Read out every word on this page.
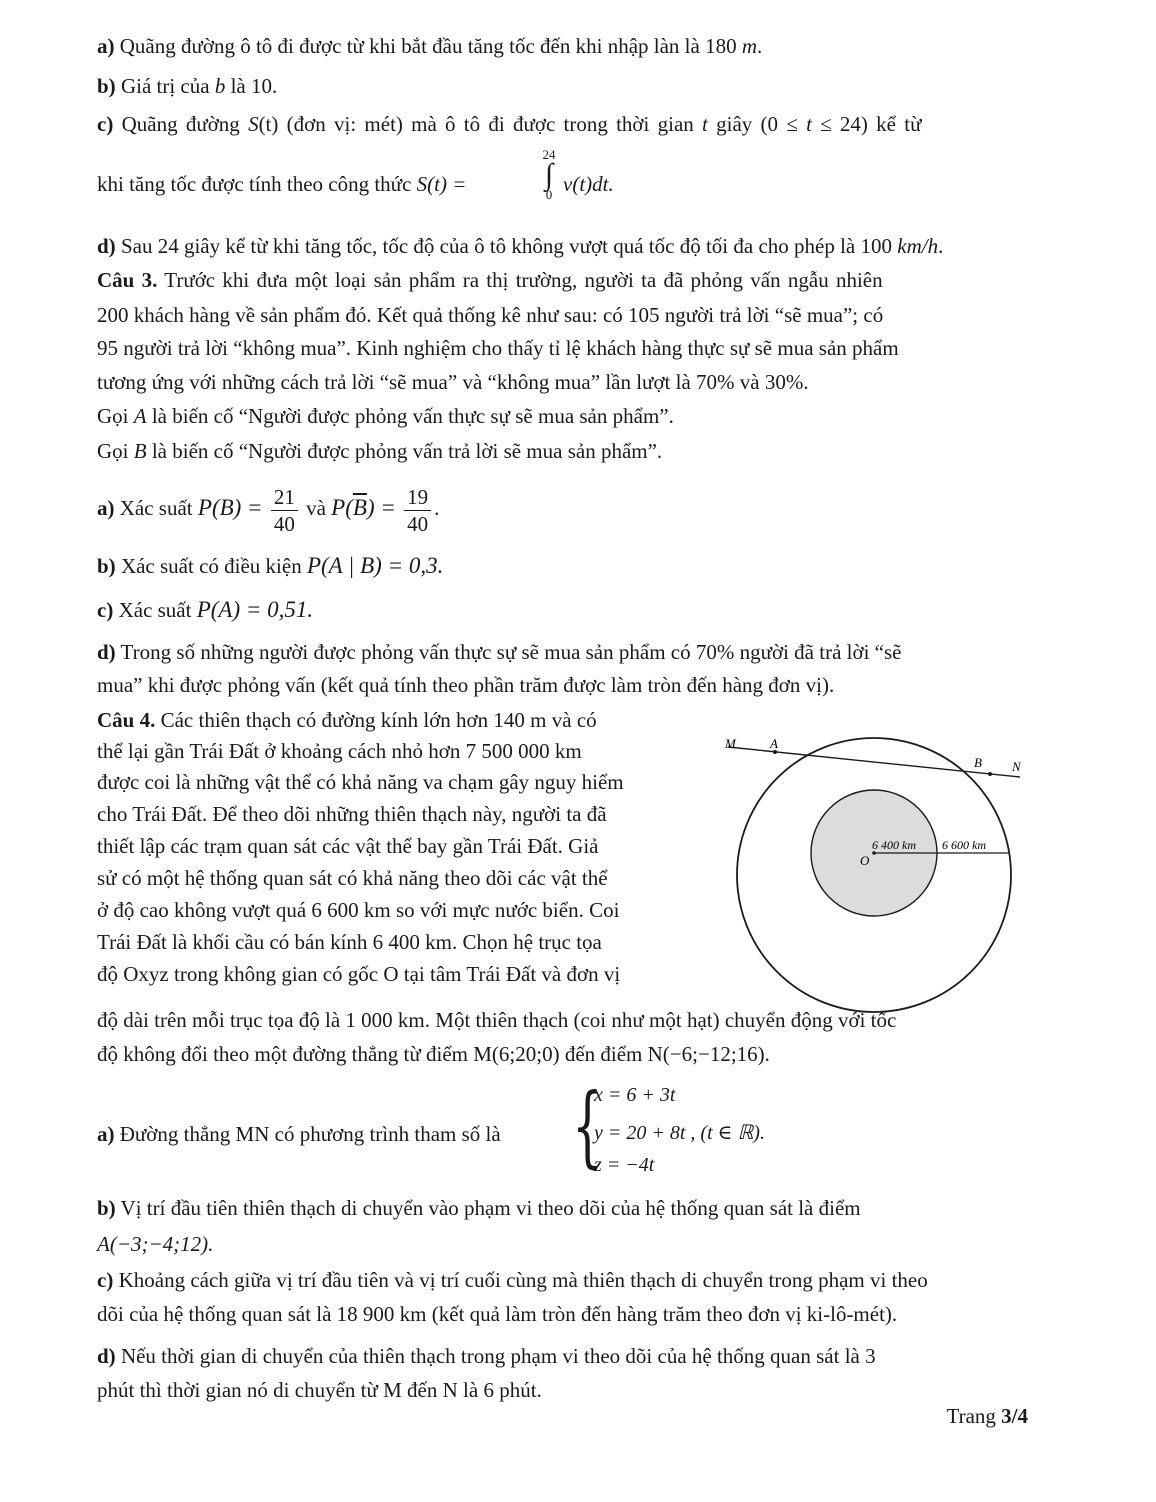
a) Quãng đường ô tô đi được từ khi bắt đầu tăng tốc đến khi nhập làn là 180 m.
b) Giá trị của b là 10.
c) Quãng đường S(t) (đơn vị: mét) mà ô tô đi được trong thời gian t giây (0 ≤ t ≤ 24) kể từ
khi tăng tốc được tính theo công thức S(t) =
24
∫
0 v(t)dt.
d) Sau 24 giây kể từ khi tăng tốc, tốc độ của ô tô không vượt quá tốc độ tối đa cho phép là 100 km/h.
Câu 3. Trước khi đưa một loại sản phẩm ra thị trường, người ta đã phỏng vấn ngẫu nhiên
200 khách hàng về sản phẩm đó. Kết quả thống kê như sau: có 105 người trả lời “sẽ mua”; có
95 người trả lời “không mua”. Kinh nghiệm cho thấy tỉ lệ khách hàng thực sự sẽ mua sản phẩm
tương ứng với những cách trả lời “sẽ mua” và “không mua” lần lượt là 70% và 30%.
Gọi A là biến cố “Người được phỏng vấn thực sự sẽ mua sản phẩm”.
Gọi B là biến cố “Người được phỏng vấn trả lời sẽ mua sản phẩm”.
a) Xác suất $P(B) = \frac{21}{40}$ và $P(\overline{B}) = \frac{19}{40}$ .
b) Xác suất có điều kiện P(A | B) = 0,3.
c) Xác suất P(A) = 0,51.
d) Trong số những người được phỏng vấn thực sự sẽ mua sản phẩm có 70% người đã trả lời “sẽ
mua” khi được phỏng vấn (kết quả tính theo phần trăm được làm tròn đến hàng đơn vị).
Câu 4. Các thiên thạch có đường kính lớn hơn 140 m và có
thể lại gần Trái Đất ở khoảng cách nhỏ hơn 7 500 000 km
được coi là những vật thể có khả năng va chạm gây nguy hiểm
cho Trái Đất. Để theo dõi những thiên thạch này, người ta đã
thiết lập các trạm quan sát các vật thể bay gần Trái Đất. Giả
sử có một hệ thống quan sát có khả năng theo dõi các vật thể
ở độ cao không vượt quá 6 600 km so với mực nước biển. Coi
Trái Đất là khối cầu có bán kính 6 400 km. Chọn hệ trục tọa
độ Oxyz trong không gian có gốc O tại tâm Trái Đất và đơn vị
độ dài trên mỗi trục tọa độ là 1 000 km. Một thiên thạch (coi như một hạt) chuyển động với tốc
độ không đổi theo một đường thẳng từ điểm M(6;20;0) đến điểm N(−6;−12;16).
M	A
B N
O
6 400 km 6 600 km
a) Đường thẳng MN có phương trình tham số là {
x = 6 + 3t
y = 20 + 8t , (t ∈ ℝ).
z = −4t
b) Vị trí đầu tiên thiên thạch di chuyển vào phạm vi theo dõi của hệ thống quan sát là điểm
A(−3;−4;12).
c) Khoảng cách giữa vị trí đầu tiên và vị trí cuối cùng mà thiên thạch di chuyển trong phạm vi theo
dõi của hệ thống quan sát là 18 900 km (kết quả làm tròn đến hàng trăm theo đơn vị ki-lô-mét).
d) Nếu thời gian di chuyển của thiên thạch trong phạm vi theo dõi của hệ thống quan sát là 3
phút thì thời gian nó di chuyển từ M đến N là 6 phút.
Trang 3/4
